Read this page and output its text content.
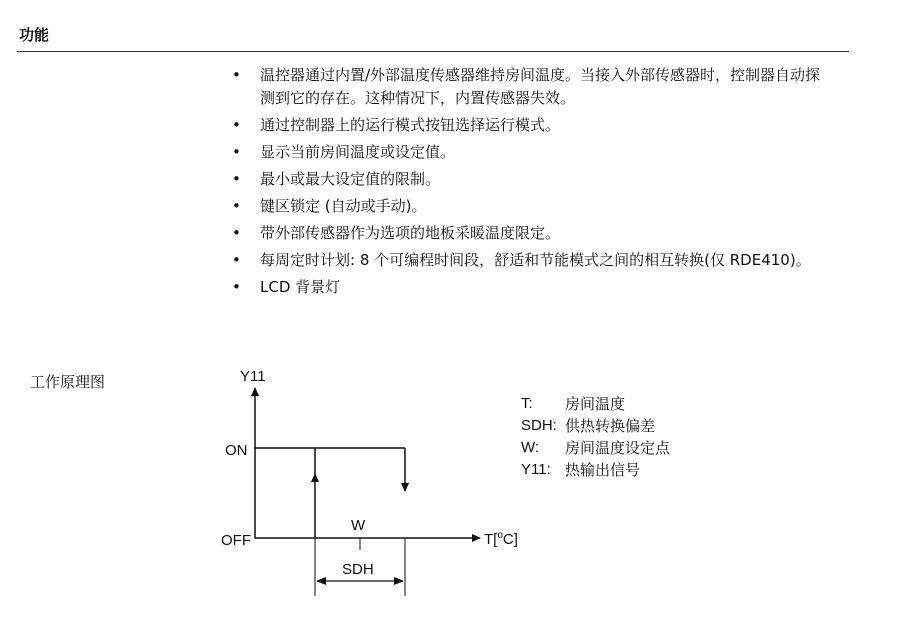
功能
• 温控器通过内置/外部温度传感器维持房间温度。当接入外部传感器时，控制器自动探测到它的存在。这种情况下，内置传感器失效。
• 通过控制器上的运行模式按钮选择运行模式。
• 显示当前房间温度或设定值。
• 最小或最大设定值的限制。
• 键区锁定 (自动或手动)。
• 带外部传感器作为选项的地板采暖温度限定。
• 每周定时计划: 8 个可编程时间段，舒适和节能模式之间的相互转换(仅 RDE410)。
• LCD 背景灯
工作原理图	Y11
ON
OFF
W
SDH
T[$^o$C]
T:	房间温度
SDH: 供热转换偏差
W:	房间温度设定点
Y11: 热输出信号
